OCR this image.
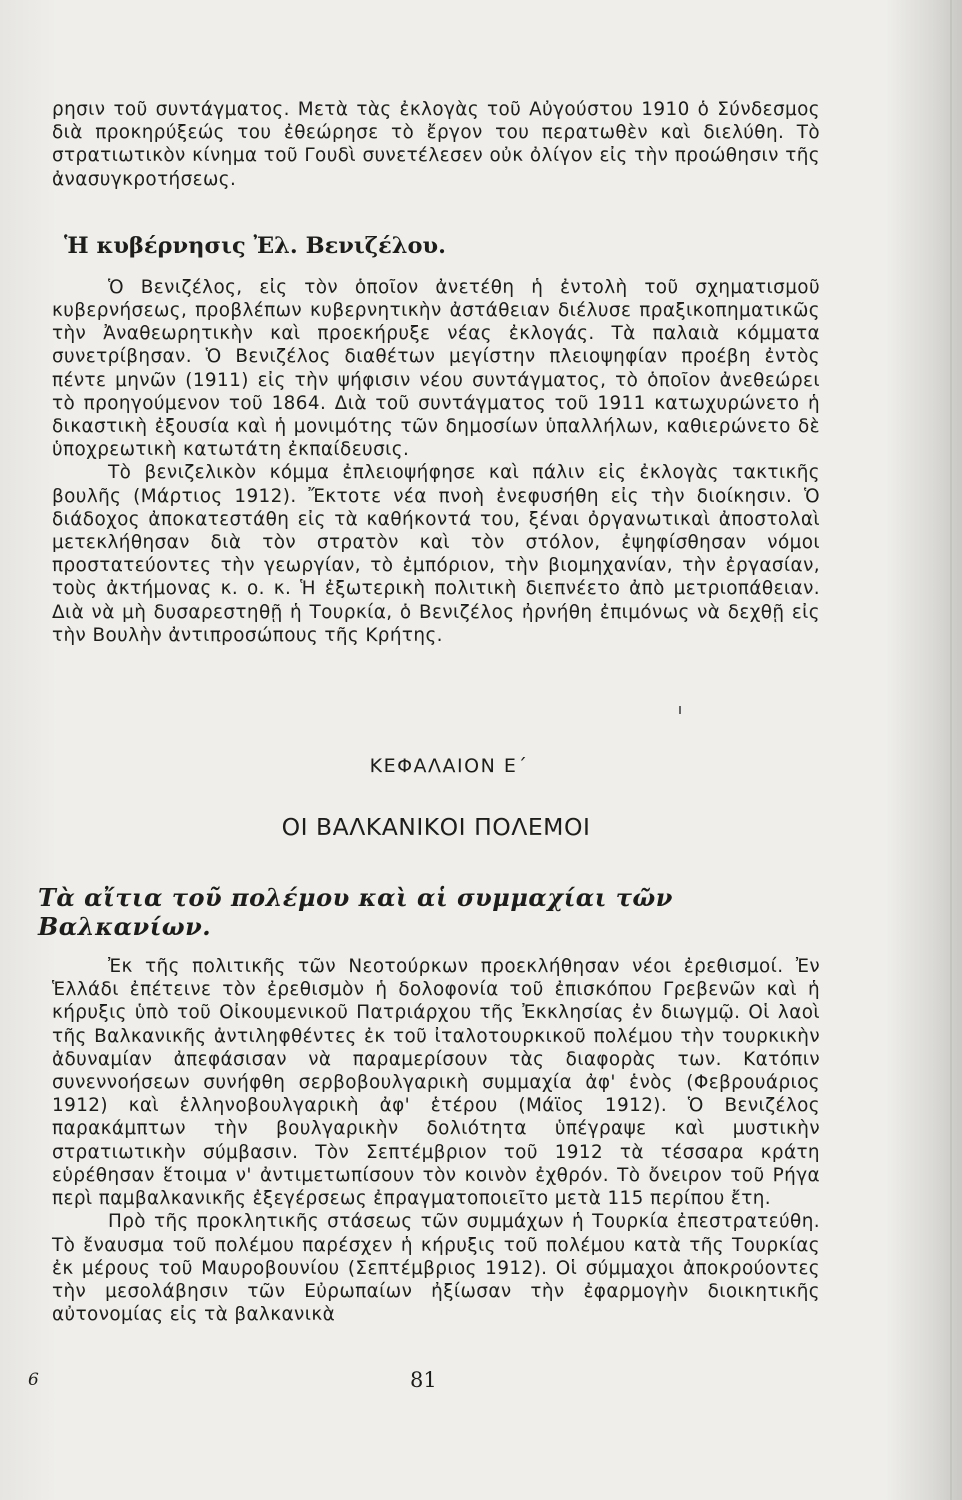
ρησιν τοῦ συντάγματος. Μετὰ τὰς ἐκλογὰς τοῦ Αὐγούστου 1910 ὁ Σύνδεσμος διὰ προκηρύξεώς του ἐθεώρησε τὸ ἔργον του περατωθὲν καὶ διελύθη. Τὸ στρατιωτικὸν κίνημα τοῦ Γουδὶ συνετέλεσεν οὐκ ὀλίγον εἰς τὴν προώθησιν τῆς ἀνασυγκροτήσεως.

Ἡ κυβέρνησις Ἐλ. Βενιζέλου.

Ὁ Βενιζέλος, εἰς τὸν ὁποῖον ἀνετέθη ἡ ἐντολὴ τοῦ σχηματισμοῦ κυβερνήσεως, προβλέπων κυβερνητικὴν ἀστάθειαν διέλυσε πραξικοπηματικῶς τὴν Ἀναθεωρητικὴν καὶ προεκήρυξε νέας ἐκλογάς. Τὰ παλαιὰ κόμματα συνετρίβησαν. Ὁ Βενιζέλος διαθέτων μεγίστην πλειοψηφίαν προέβη ἐντὸς πέντε μηνῶν (1911) εἰς τὴν ψήφισιν νέου συντάγματος, τὸ ὁποῖον ἀνεθεώρει τὸ προηγούμενον τοῦ 1864. Διὰ τοῦ συντάγματος τοῦ 1911 κατωχυρώνετο ἡ δικαστικὴ ἐξουσία καὶ ἡ μονιμότης τῶν δημοσίων ὑπαλλήλων, καθιερώνετο δὲ ὑποχρεωτικὴ κατωτάτη ἐκπαίδευσις.

Τὸ βενιζελικὸν κόμμα ἐπλειοψήφησε καὶ πάλιν εἰς ἐκλογὰς τακτικῆς βουλῆς (Μάρτιος 1912). Ἔκτοτε νέα πνοὴ ἐνεφυσήθη εἰς τὴν διοίκησιν. Ὁ διάδοχος ἀποκατεστάθη εἰς τὰ καθήκοντά του, ξέναι ὀργανωτικαὶ ἀποστολαὶ μετεκλήθησαν διὰ τὸν στρατὸν καὶ τὸν στόλον, ἐψηφίσθησαν νόμοι προστατεύοντες τὴν γεωργίαν, τὸ ἐμπόριον, τὴν βιομηχανίαν, τὴν ἐργασίαν, τοὺς ἀκτήμονας κ. ο. κ. Ἡ ἐξωτερικὴ πολιτικὴ διεπνέετο ἀπὸ μετριοπάθειαν. Διὰ νὰ μὴ δυσαρεστηθῇ ἡ Τουρκία, ὁ Βενιζέλος ἠρνήθη ἐπιμόνως νὰ δεχθῇ εἰς τὴν Βουλὴν ἀντιπροσώπους τῆς Κρήτης.

ΚΕΦΑΛΑΙΟΝ Ε΄

ΟΙ ΒΑΛΚΑΝΙΚΟΙ ΠΟΛΕΜΟΙ

Τὰ αἴτια τοῦ πολέμου καὶ αἱ συμμαχίαι τῶν Βαλκανίων.

Ἐκ τῆς πολιτικῆς τῶν Νεοτούρκων προεκλήθησαν νέοι ἐρεθισμοί. Ἐν Ἑλλάδι ἐπέτεινε τὸν ἐρεθισμὸν ἡ δολοφονία τοῦ ἐπισκόπου Γρεβενῶν καὶ ἡ κήρυξις ὑπὸ τοῦ Οἰκουμενικοῦ Πατριάρχου τῆς Ἐκκλησίας ἐν διωγμῷ. Οἱ λαοὶ τῆς Βαλκανικῆς ἀντιληφθέντες ἐκ τοῦ ἰταλοτουρκικοῦ πολέμου τὴν τουρκικὴν ἀδυναμίαν ἀπεφάσισαν νὰ παραμερίσουν τὰς διαφορὰς των. Κατόπιν συνεννοήσεων συνήφθη σερβοβουλγαρικὴ συμμαχία ἀφ' ἑνὸς (Φεβρουάριος 1912) καὶ ἑλληνοβουλγαρικὴ ἀφ' ἑτέρου (Μάϊος 1912). Ὁ Βενιζέλος παρακάμπτων τὴν βουλγαρικὴν δολιότητα ὑπέγραψε καὶ μυστικὴν στρατιωτικὴν σύμβασιν. Τὸν Σεπτέμβριον τοῦ 1912 τὰ τέσσαρα κράτη εὑρέθησαν ἕτοιμα ν' ἀντιμετωπίσουν τὸν κοινὸν ἐχθρόν. Τὸ ὄνειρον τοῦ Ρήγα περὶ παμβαλκανικῆς ἐξεγέρσεως ἐπραγματοποιεῖτο μετὰ 115 περίπου ἔτη.

Πρὸ τῆς προκλητικῆς στάσεως τῶν συμμάχων ἡ Τουρκία ἐπεστρατεύθη. Τὸ ἔναυσμα τοῦ πολέμου παρέσχεν ἡ κήρυξις τοῦ πολέμου κατὰ τῆς Τουρκίας ἐκ μέρους τοῦ Μαυροβουνίου (Σεπτέμβριος 1912). Οἱ σύμμαχοι ἀποκρούοντες τὴν μεσολάβησιν τῶν Εὐρωπαίων ἠξίωσαν τὴν ἐφαρμογὴν διοικητικῆς αὐτονομίας εἰς τὰ βαλκανικὰ

6	81
